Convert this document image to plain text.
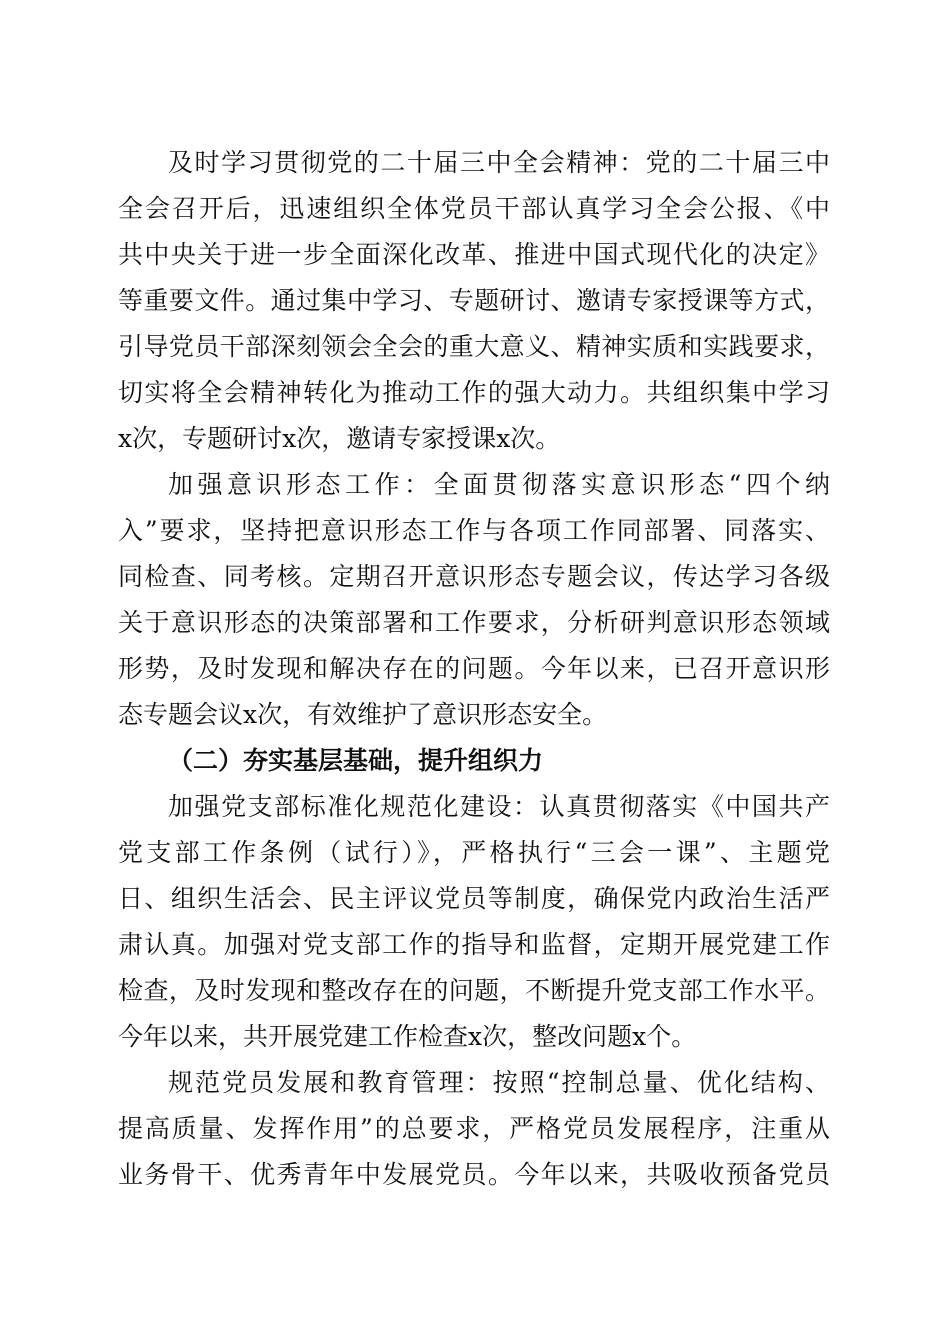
及时学习贯彻党的二十届三中全会精神：党的二十届三中
全会召开后，迅速组织全体党员干部认真学习全会公报、《中
共中央关于进一步全面深化改革、推进中国式现代化的决定》
等重要文件。通过集中学习、专题研讨、邀请专家授课等方式，
引导党员干部深刻领会全会的重大意义、精神实质和实践要求，
切实将全会精神转化为推动工作的强大动力。共组织集中学习
x次，专题研讨x次，邀请专家授课x次。
加强意识形态工作：全面贯彻落实意识形态“四个纳
入”要求，坚持把意识形态工作与各项工作同部署、同落实、
同检查、同考核。定期召开意识形态专题会议，传达学习各级
关于意识形态的决策部署和工作要求，分析研判意识形态领域
形势，及时发现和解决存在的问题。今年以来，已召开意识形
态专题会议x次，有效维护了意识形态安全。
（二）夯实基层基础，提升组织力
加强党支部标准化规范化建设：认真贯彻落实《中国共产
党支部工作条例（试行）》，严格执行“三会一课”、主题党
日、组织生活会、民主评议党员等制度，确保党内政治生活严
肃认真。加强对党支部工作的指导和监督，定期开展党建工作
检查，及时发现和整改存在的问题，不断提升党支部工作水平。
今年以来，共开展党建工作检查x次，整改问题x个。
规范党员发展和教育管理：按照“控制总量、优化结构、
提高质量、发挥作用”的总要求，严格党员发展程序，注重从
业务骨干、优秀青年中发展党员。今年以来，共吸收预备党员
